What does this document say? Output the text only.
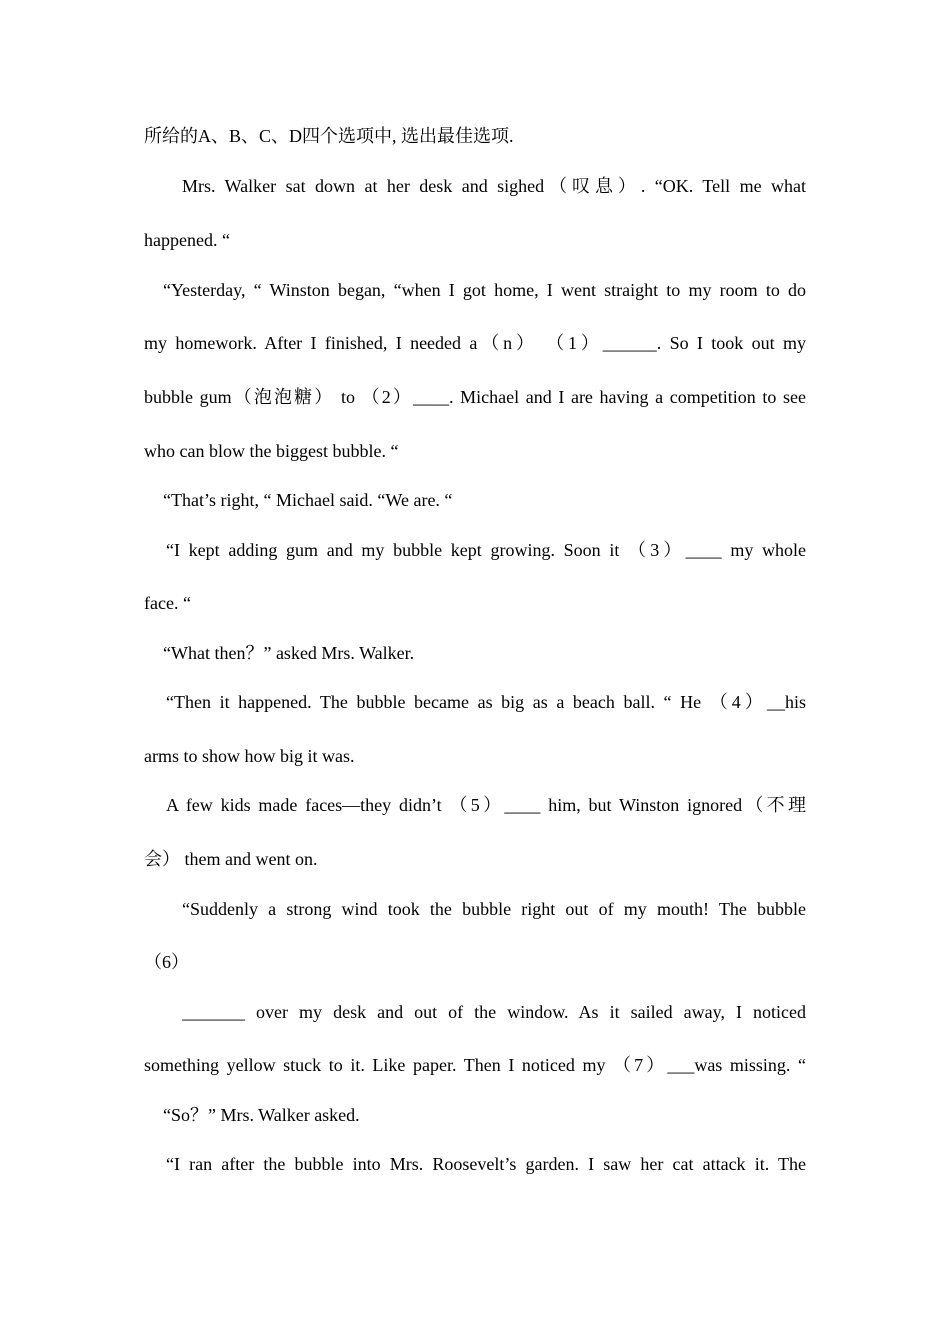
所给的A、B、C、D四个选项中, 选出最佳选项.
Mrs. Walker sat down at her desk and sighed（叹息）. “OK. Tell me what
happened. “
“Yesterday, “ Winston began, “when I got home, I went straight to my room to do
my homework. After I finished, I needed a（n） （1）______. So I took out my
bubble gum（泡泡糖） to （2）____. Michael and I are having a competition to see
who can blow the biggest bubble. “
“That’s right, “ Michael said. “We are. “
“I kept adding gum and my bubble kept growing. Soon it （3）____ my whole
face. “
“What then？” asked Mrs. Walker.
“Then it happened. The bubble became as big as a beach ball. “ He （4）__his
arms to show how big it was.
A few kids made faces—they didn’t （5）____ him, but Winston ignored（不理
会） them and went on.
“Suddenly a strong wind took the bubble right out of my mouth! The bubble
（6）
_______ over my desk and out of the window. As it sailed away, I noticed
something yellow stuck to it. Like paper. Then I noticed my （7）___was missing. “
“So？” Mrs. Walker asked.
“I ran after the bubble into Mrs. Roosevelt’s garden. I saw her cat attack it. The
